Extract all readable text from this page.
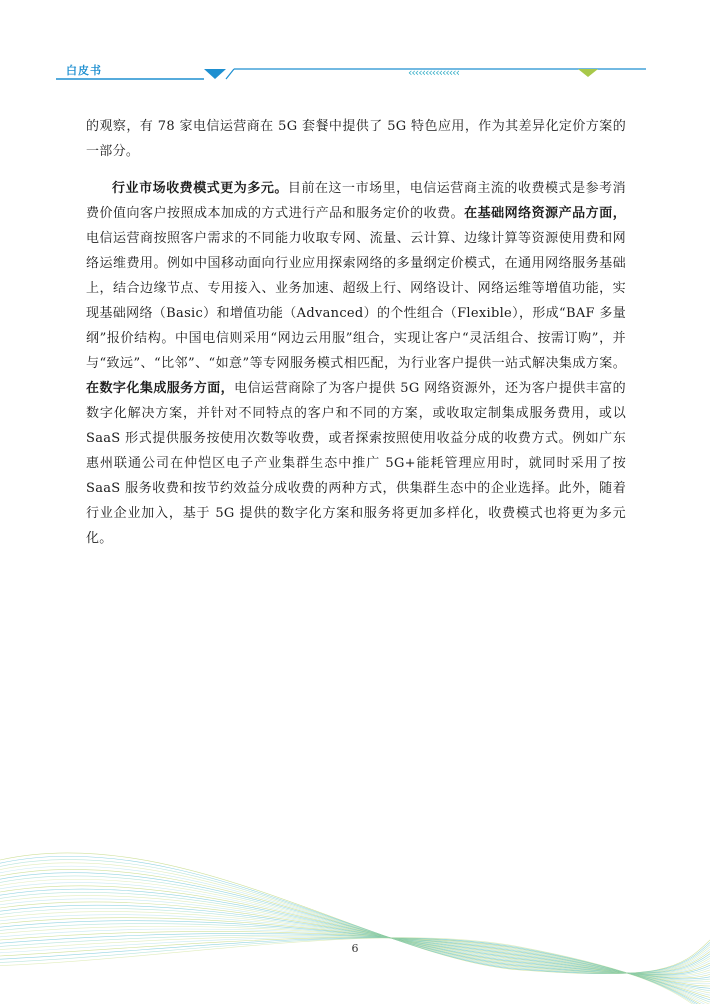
白皮书	‹‹‹‹‹‹‹‹‹‹‹‹‹‹‹

的观察，有 78 家电信运营商在 5G 套餐中提供了 5G 特色应用，作为其差异化定价方案的一部分。

行业市场收费模式更为多元。目前在这一市场里，电信运营商主流的收费模式是参考消费价值向客户按照成本加成的方式进行产品和服务定价的收费。在基础网络资源产品方面，电信运营商按照客户需求的不同能力收取专网、流量、云计算、边缘计算等资源使用费和网络运维费用。例如中国移动面向行业应用探索网络的多量纲定价模式，在通用网络服务基础上，结合边缘节点、专用接入、业务加速、超级上行、网络设计、网络运维等增值功能，实现基础网络（Basic）和增值功能（Advanced）的个性组合（Flexible），形成“BAF 多量纲”报价结构。中国电信则采用“网边云用服”组合，实现让客户“灵活组合、按需订购”，并与“致远”、“比邻”、“如意”等专网服务模式相匹配，为行业客户提供一站式解决集成方案。在数字化集成服务方面，电信运营商除了为客户提供 5G 网络资源外，还为客户提供丰富的数字化解决方案，并针对不同特点的客户和不同的方案，或收取定制集成服务费用，或以 SaaS 形式提供服务按使用次数等收费，或者探索按照使用收益分成的收费方式。例如广东惠州联通公司在仲恺区电子产业集群生态中推广 5G+能耗管理应用时，就同时采用了按 SaaS 服务收费和按节约效益分成收费的两种方式，供集群生态中的企业选择。此外，随着行业企业加入，基于 5G 提供的数字化方案和服务将更加多样化，收费模式也将更为多元化。

6
